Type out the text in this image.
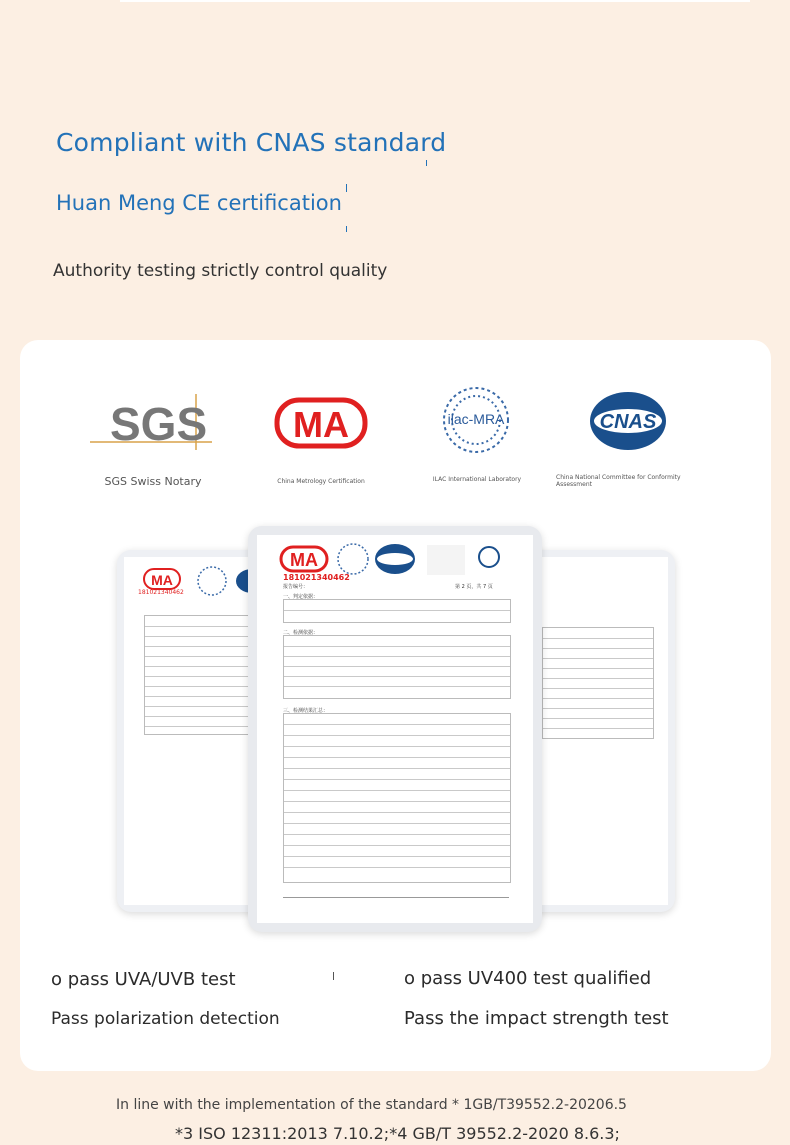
Compliant with CNAS standard
Huan Meng CE certification
Authority testing strictly control quality
SGS
SGS Swiss Notary
MA
China Metrology Certification
ilac-MRA
ILAC International Laboratory
CNAS
China National Committee for Conformity Assessment
MA
181021340462
MA
181021340462
报告编号：	第 2 页，共 7 页
一、判定依据：
二、检测依据：
三、检测结果汇总：
o pass UVA/UVB test	o pass UV400 test qualified
Pass polarization detection	Pass the impact strength test
In line with the implementation of the standard * 1GB/T39552.2-20206.5
*3 ISO 12311:2013 7.10.2;*4 GB/T 39552.2-2020 8.6.3;
